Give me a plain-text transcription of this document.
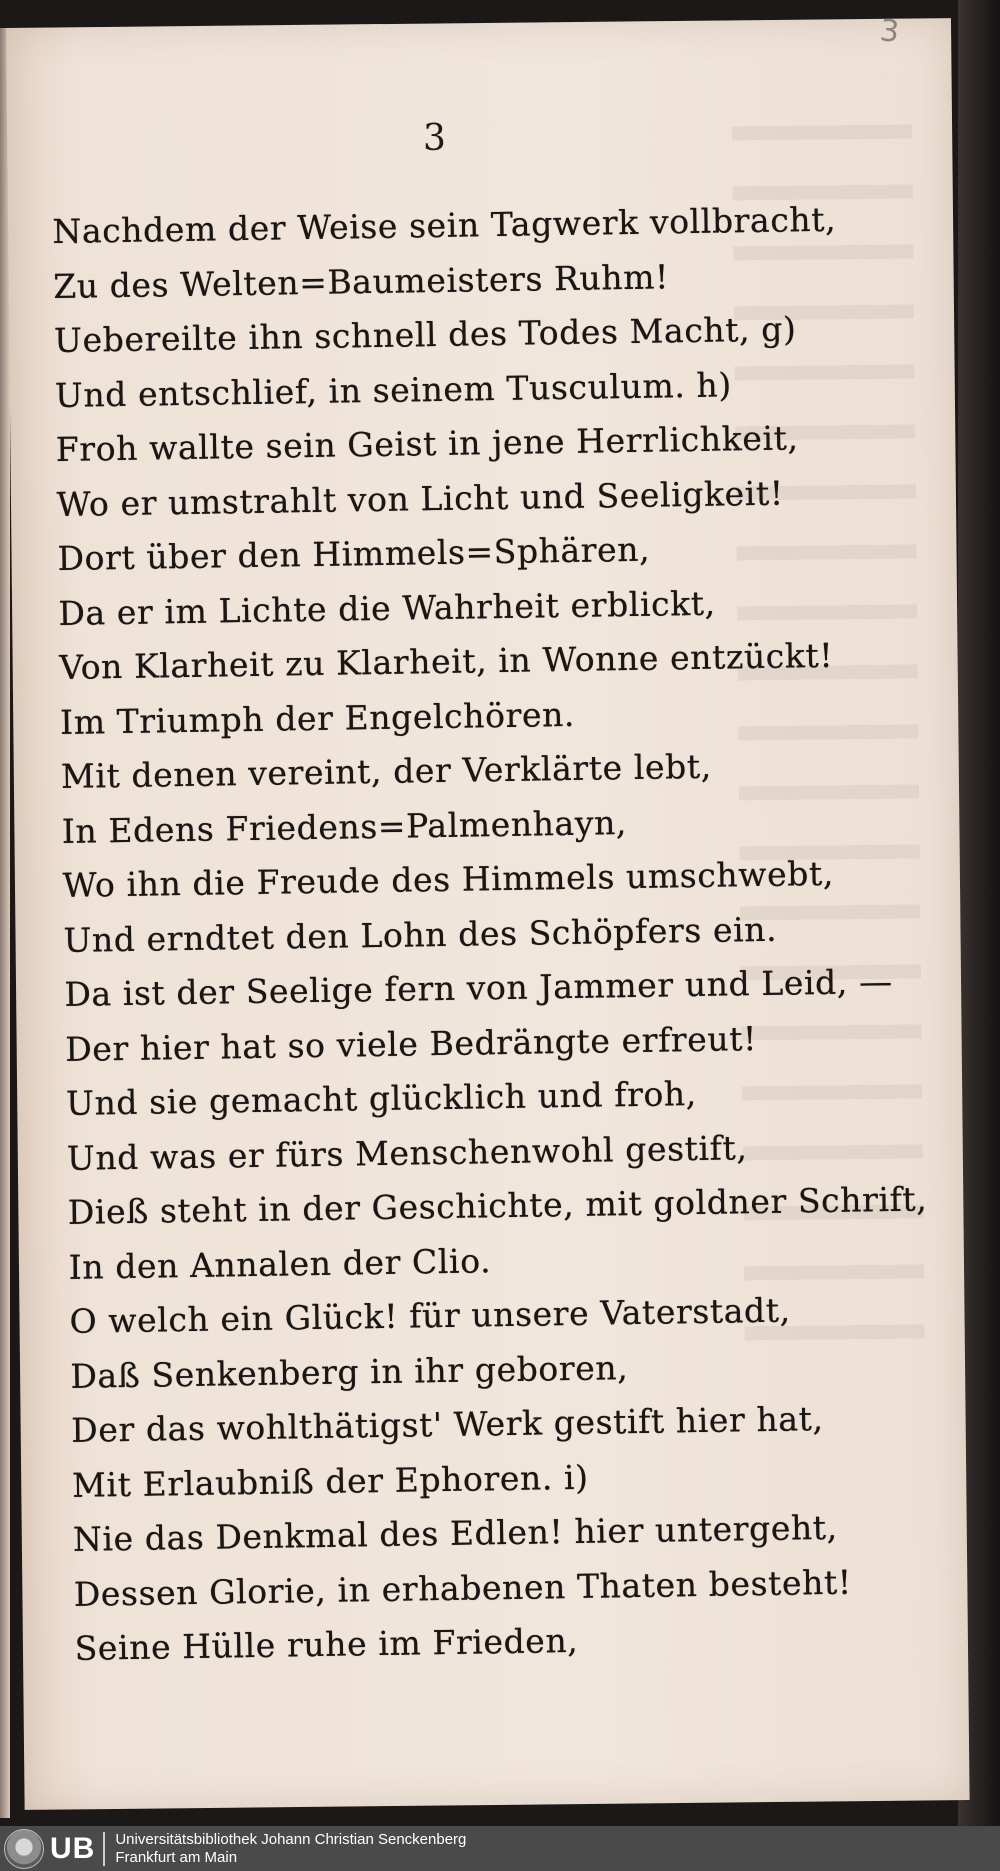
3
3
Nachdem der Weise sein Tagwerk vollbracht,
Zu des Welten=Baumeisters Ruhm!
Uebereilte ihn schnell des Todes Macht, g)
Und entschlief, in seinem Tusculum. h)
Froh wallte sein Geist in jene Herrlichkeit,
Wo er umstrahlt von Licht und Seeligkeit!
Dort über den Himmels=Sphären,
Da er im Lichte die Wahrheit erblickt,
Von Klarheit zu Klarheit, in Wonne entzückt!
Im Triumph der Engelchören.
Mit denen vereint, der Verklärte lebt,
In Edens Friedens=Palmenhayn,
Wo ihn die Freude des Himmels umschwebt,
Und erndtet den Lohn des Schöpfers ein.
Da ist der Seelige fern von Jammer und Leid, —
Der hier hat so viele Bedrängte erfreut!
Und sie gemacht glücklich und froh,
Und was er fürs Menschenwohl gestift,
Dieß steht in der Geschichte, mit goldner Schrift,
In den Annalen der Clio.
O welch ein Glück! für unsere Vaterstadt,
Daß Senkenberg in ihr geboren,
Der das wohlthätigst' Werk gestift hier hat,
Mit Erlaubniß der Ephoren. i)
Nie das Denkmal des Edlen! hier untergeht,
Dessen Glorie, in erhabenen Thaten besteht!
Seine Hülle ruhe im Frieden,
UB Universitätsbibliothek Johann Christian Senckenberg
Frankfurt am Main
